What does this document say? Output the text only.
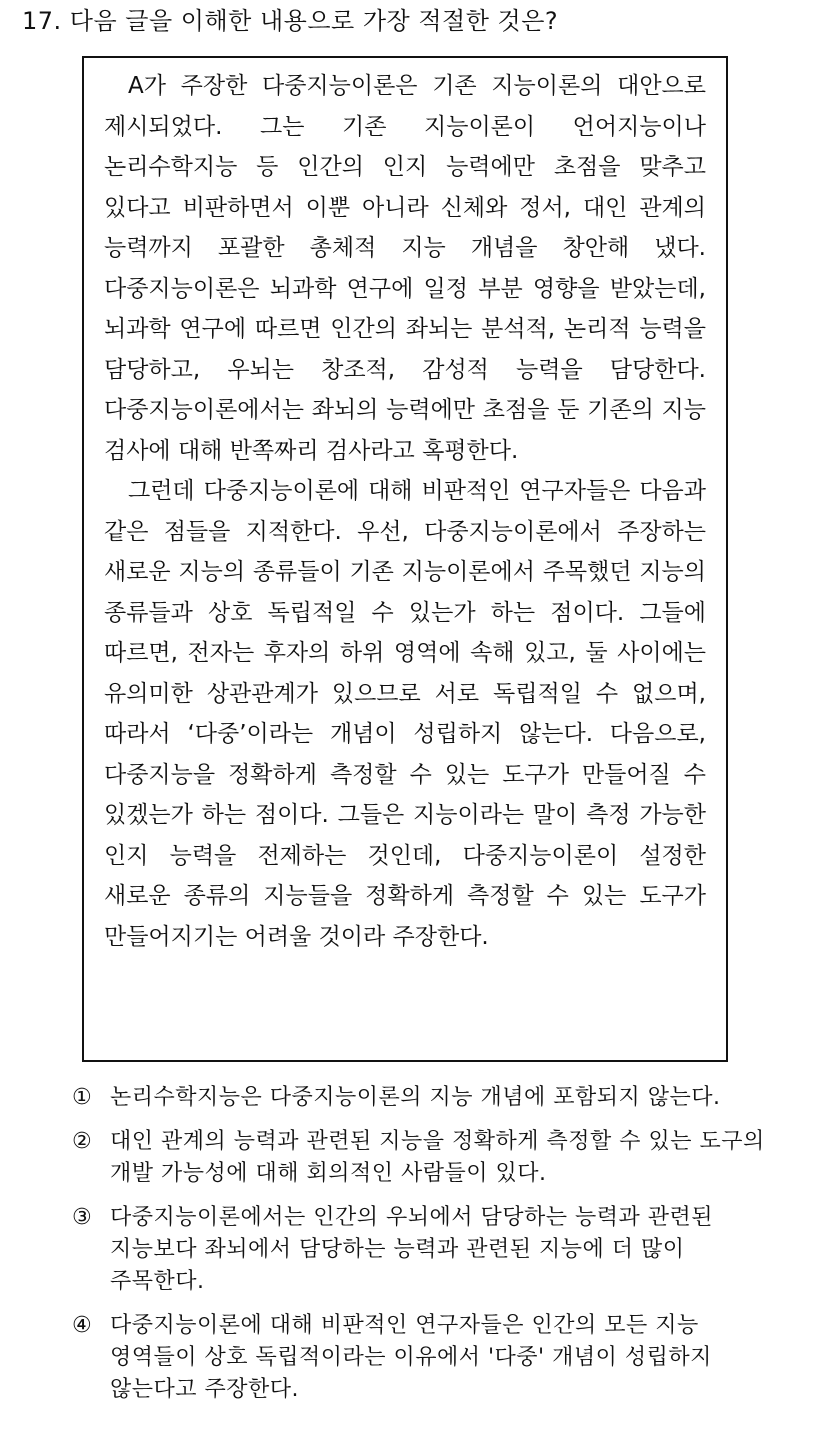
17. 다음 글을 이해한 내용으로 가장 적절한 것은?

A가 주장한 다중지능이론은 기존 지능이론의 대안으로 제시되었다. 그는 기존 지능이론이 언어지능이나 논리수학지능 등 인간의 인지 능력에만 초점을 맞추고 있다고 비판하면서 이뿐 아니라 신체와 정서, 대인 관계의 능력까지 포괄한 총체적 지능 개념을 창안해 냈다. 다중지능이론은 뇌과학 연구에 일정 부분 영향을 받았는데, 뇌과학 연구에 따르면 인간의 좌뇌는 분석적, 논리적 능력을 담당하고, 우뇌는 창조적, 감성적 능력을 담당한다. 다중지능이론에서는 좌뇌의 능력에만 초점을 둔 기존의 지능 검사에 대해 반쪽짜리 검사라고 혹평한다.
그런데 다중지능이론에 대해 비판적인 연구자들은 다음과 같은 점들을 지적한다. 우선, 다중지능이론에서 주장하는 새로운 지능의 종류들이 기존 지능이론에서 주목했던 지능의 종류들과 상호 독립적일 수 있는가 하는 점이다. 그들에 따르면, 전자는 후자의 하위 영역에 속해 있고, 둘 사이에는 유의미한 상관관계가 있으므로 서로 독립적일 수 없으며, 따라서 ‘다중’이라는 개념이 성립하지 않는다. 다음으로, 다중지능을 정확하게 측정할 수 있는 도구가 만들어질 수 있겠는가 하는 점이다. 그들은 지능이라는 말이 측정 가능한 인지 능력을 전제하는 것인데, 다중지능이론이 설정한 새로운 종류의 지능들을 정확하게 측정할 수 있는 도구가 만들어지기는 어려울 것이라 주장한다.

① 논리수학지능은 다중지능이론의 지능 개념에 포함되지 않는다.
② 대인 관계의 능력과 관련된 지능을 정확하게 측정할 수 있는 도구의 개발 가능성에 대해 회의적인 사람들이 있다.
③ 다중지능이론에서는 인간의 우뇌에서 담당하는 능력과 관련된 지능보다 좌뇌에서 담당하는 능력과 관련된 지능에 더 많이 주목한다.
④ 다중지능이론에 대해 비판적인 연구자들은 인간의 모든 지능 영역들이 상호 독립적이라는 이유에서 '다중' 개념이 성립하지 않는다고 주장한다.
